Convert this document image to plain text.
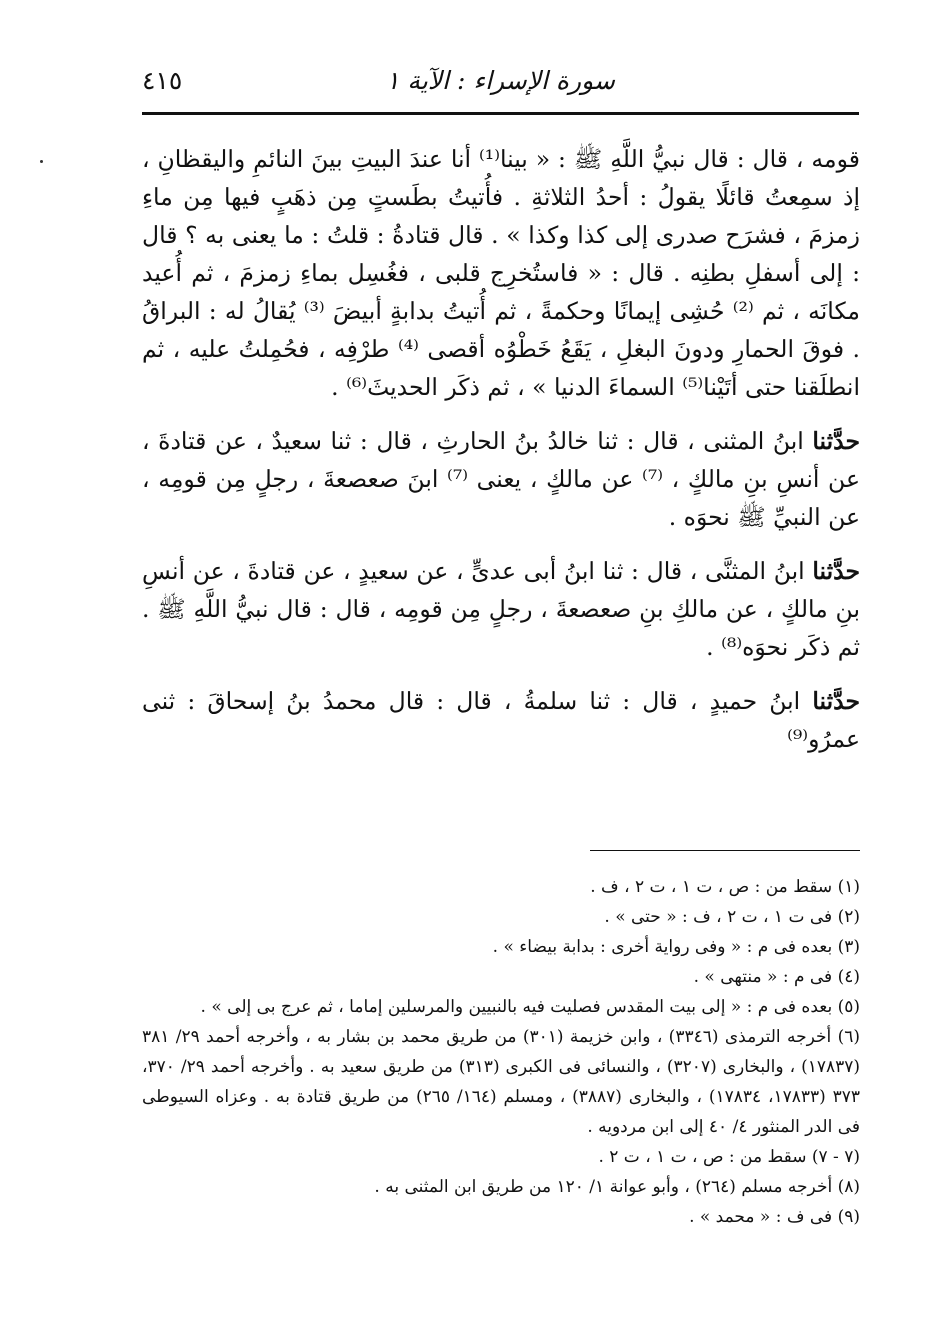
سورة الإسراء : الآية ١
٤١٥

قومه ، قال : قال نبيُّ اللَّهِ ﷺ : « بينا⁽¹⁾ أنا عندَ البيتِ بينَ النائمِ واليقظانِ ، إذ سمِعتُ قائلًا يقولُ : أحدُ الثلاثةِ . فأُتيتُ بطَستٍ مِن ذهَبٍ فيها مِن ماءِ زمزمَ ، فشرَح صدرى إلى كذا وكذا » . قال قتادةُ : قلتُ : ما يعنى به ؟ قال : إلى أسفلِ بطنِه . قال : « فاستُخرِج قلبى ، فغُسِل بماءِ زمزمَ ، ثم أُعيد مكانَه ، ثم ⁽²⁾ حُشِى إيمانًا وحكمةً ، ثم أُتيتُ بدابةٍ أبيضَ ⁽³⁾ يُقالُ له : البراقُ . فوقَ الحمارِ ودونَ البغلِ ، يَقَعُ خَطْوُه أقصى ⁽⁴⁾ طرْفِه ، فحُمِلتُ عليه ، ثم انطلَقنا حتى أتَيْنا⁽⁵⁾ السماءَ الدنيا » ، ثم ذكَر الحديثَ⁽⁶⁾ .

حدَّثنا ابنُ المثنى ، قال : ثنا خالدُ بنُ الحارثِ ، قال : ثنا سعيدٌ ، عن قتادةَ ، عن أنسِ بنِ مالكٍ ، ⁽⁷⁾ عن مالكٍ ، يعنى ⁽⁷⁾ ابنَ صعصعةَ ، رجلٍ مِن قومِه ، عن النبيِّ ﷺ نحوَه .

حدَّثنا ابنُ المثنَّى ، قال : ثنا ابنُ أبى عدىٍّ ، عن سعيدٍ ، عن قتادةَ ، عن أنسِ بنِ مالكٍ ، عن مالكِ بنِ صعصعةَ ، رجلٍ مِن قومِه ، قال : قال نبيُّ اللَّهِ ﷺ . ثم ذكَر نحوَه⁽⁸⁾ .

حدَّثنا ابنُ حميدٍ ، قال : ثنا سلمةُ ، قال : قال محمدُ بنُ إسحاقَ : ثنى عمرُو⁽⁹⁾

(١) سقط من : ص ، ت ١ ، ت ٢ ، ف .

(٢) فى ت ١ ، ت ٢ ، ف : « حتى » .

(٣) بعده فى م : « وفى رواية أخرى : بدابة بيضاء » .

(٤) فى م : « منتهى » .

(٥) بعده فى م : « إلى بيت المقدس فصليت فيه بالنبيين والمرسلين إماما ، ثم عرج بى إلى » .

(٦) أخرجه الترمذى (٣٣٤٦) ، وابن خزيمة (٣٠١) من طريق محمد بن بشار به ، وأخرجه أحمد ٢٩/ ٣٨١ (١٧٨٣٧) ، والبخارى (٣٢٠٧) ، والنسائى فى الكبرى (٣١٣) من طريق سعيد به . وأخرجه أحمد ٢٩/ ٣٧٠، ٣٧٣ (١٧٨٣٣، ١٧٨٣٤) ، والبخارى (٣٨٨٧) ، ومسلم (١٦٤/ ٢٦٥) من طريق قتادة به . وعزاه السيوطى فى الدر المنثور ٤/ ٤٠ إلى ابن مردويه .

(٧ - ٧) سقط من : ص ، ت ١ ، ت ٢ .

(٨) أخرجه مسلم (٢٦٤) ، وأبو عوانة ١/ ١٢٠ من طريق ابن المثنى به .

(٩) فى ف : « محمد » .
